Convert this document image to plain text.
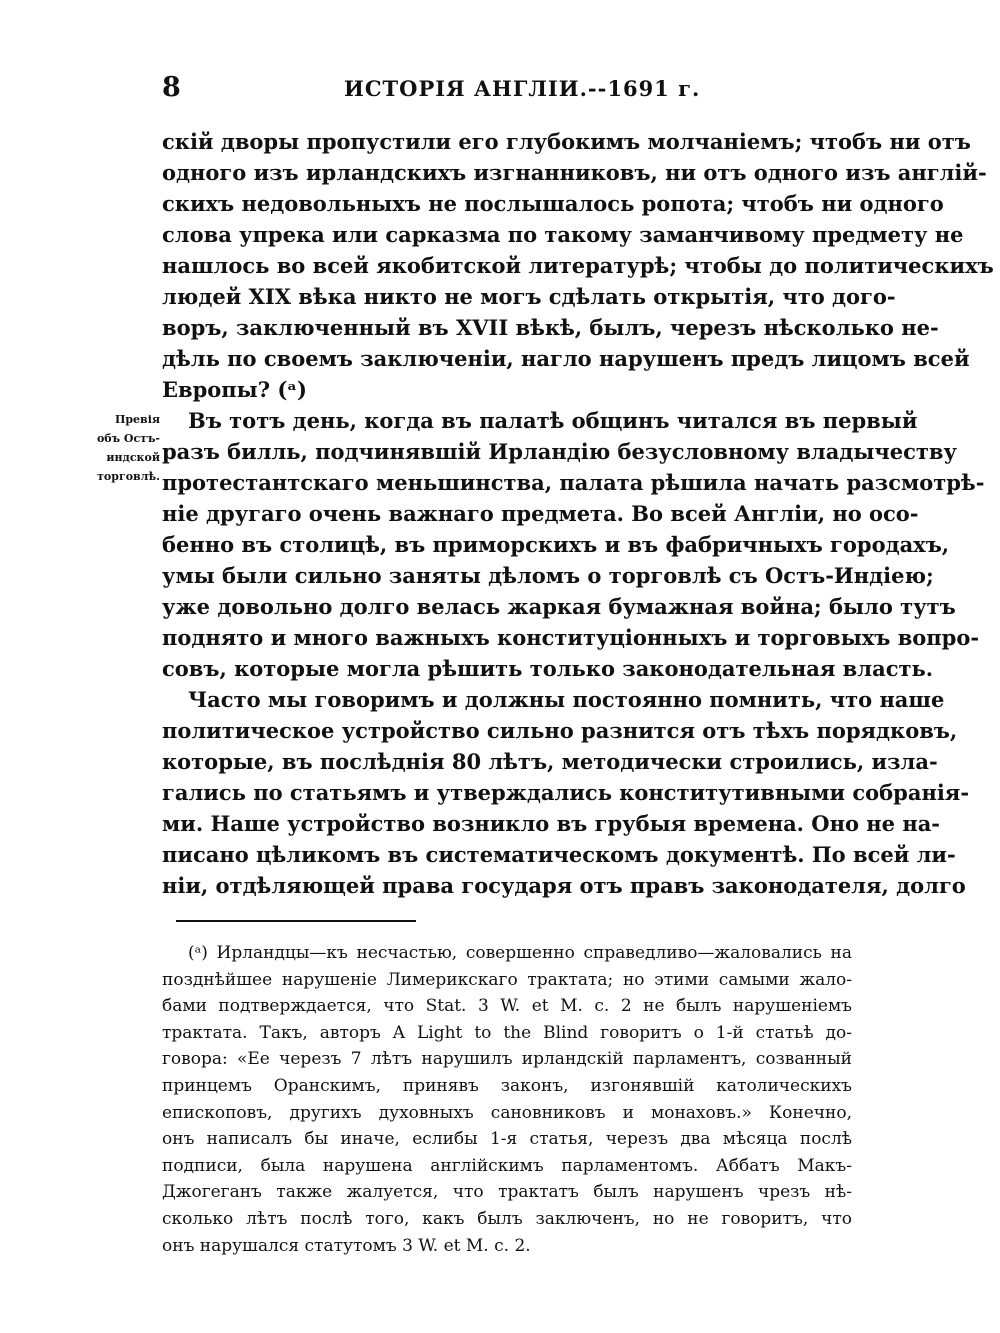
8	ИСТОРІЯ АНГЛІИ.--1691 г.
Превія
объ Остъ-
индской
торговлѣ.
скій дворы пропустили его глубокимъ молчаніемъ; чтобъ ни отъ
одного изъ ирландскихъ изгнанниковъ, ни отъ одного изъ англій-
скихъ недовольныхъ не послышалось ропота; чтобъ ни одного
слова упрека или сарказма по такому заманчивому предмету не
нашлось во всей якобитской литературѣ; чтобы до политическихъ
людей XIX вѣка никто не могъ сдѣлать открытія, что дого-
воръ, заключенный въ XVII вѣкѣ, былъ, черезъ нѣсколько не-
дѣль по своемъ заключеніи, нагло нарушенъ предъ лицомъ всей
Европы? (ᵃ)
Въ тотъ день, когда въ палатѣ общинъ читался въ первый
разъ билль, подчинявшій Ирландію безусловному владычеству
протестантскаго меньшинства, палата рѣшила начать разсмотрѣ-
ніе другаго очень важнаго предмета. Во всей Англіи, но осо-
бенно въ столицѣ, въ приморскихъ и въ фабричныхъ городахъ,
умы были сильно заняты дѣломъ о торговлѣ съ Остъ-Индіею;
уже довольно долго велась жаркая бумажная война; было тутъ
поднято и много важныхъ конституціонныхъ и торговыхъ вопро-
совъ, которые могла рѣшить только законодательная власть.
Часто мы говоримъ и должны постоянно помнить, что наше
политическое устройство сильно разнится отъ тѣхъ порядковъ,
которые, въ послѣднія 80 лѣтъ, методически строились, изла-
гались по статьямъ и утверждались конститутивными собранія-
ми. Наше устройство возникло въ грубыя времена. Оно не на-
писано цѣликомъ въ систематическомъ документѣ. По всей ли-
ніи, отдѣляющей права государя отъ правъ законодателя, долго
(ᵃ) Ирландцы—къ несчастью, совершенно справедливо—жаловались на
позднѣйшее нарушеніе Лимерикскаго трактата; но этими самыми жало-
бами подтверждается, что Stat. 3 W. et M. c. 2 не былъ нарушеніемъ
трактата. Такъ, авторъ A Light to the Blind говоритъ о 1-й статьѣ до-
говора: «Ее черезъ 7 лѣтъ нарушилъ ирландскій парламентъ, созванный
принцемъ Оранскимъ, принявъ законъ, изгонявшій католическихъ
епископовъ, другихъ духовныхъ сановниковъ и монаховъ.» Конечно,
онъ написалъ бы иначе, еслибы 1-я статья, черезъ два мѣсяца послѣ
подписи, была нарушена англійскимъ парламентомъ. Аббатъ Макъ-
Джогеганъ также жалуется, что трактатъ былъ нарушенъ чрезъ нѣ-
сколько лѣтъ послѣ того, какъ былъ заключенъ, но не говоритъ, что
онъ нарушался статутомъ 3 W. et M. c. 2.
